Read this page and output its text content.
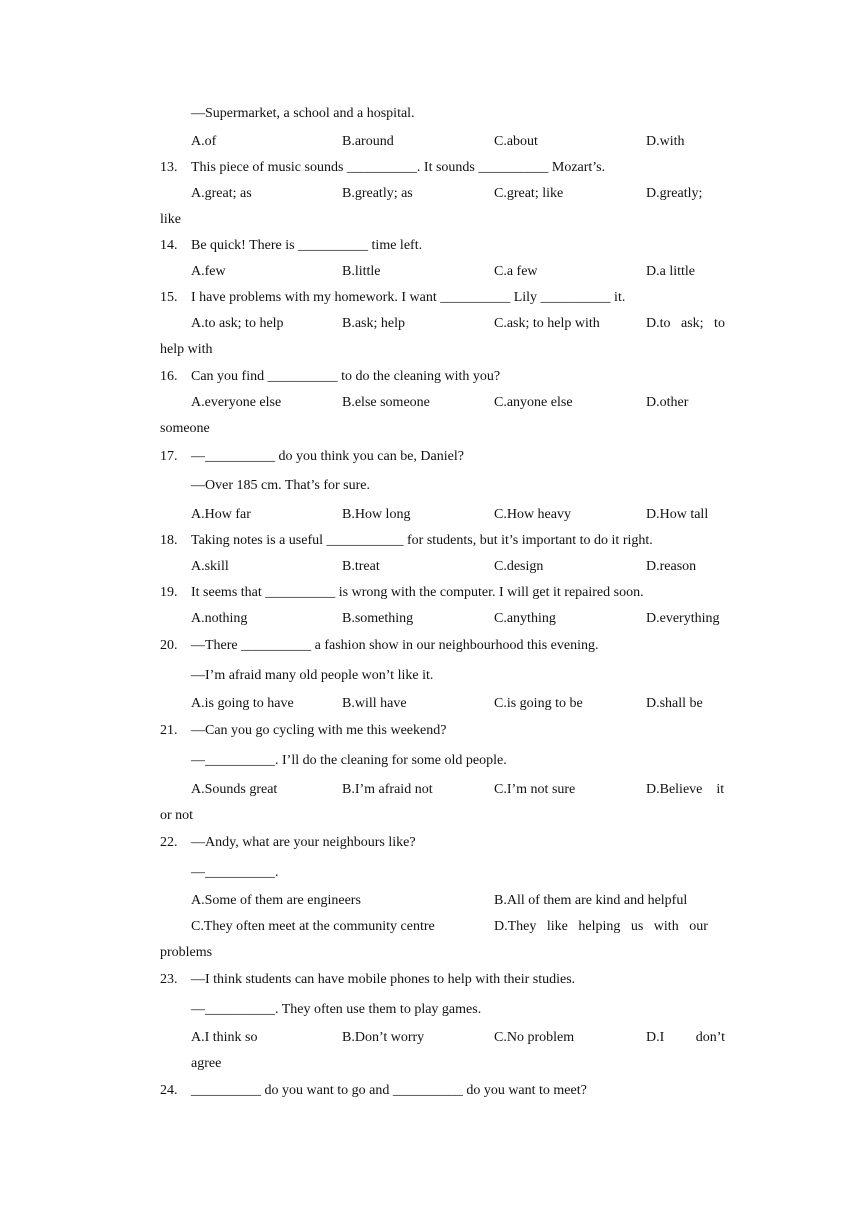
—Supermarket, a school and a hospital.
A.of	B.around	C.about	D.with
13. This piece of music sounds __________. It sounds __________ Mozart’s.
A.great; as	B.greatly; as	C.great; like	D.greatly;
like
14. Be quick! There is __________ time left.
A.few	B.little	C.a few	D.a little
15. I have problems with my homework. I want __________ Lily __________ it.
A.to ask; to help	B.ask; help	C.ask; to help with	D.to   ask;   to
help with
16. Can you find __________ to do the cleaning with you?
A.everyone else	B.else someone	C.anyone else	D.other
someone
17. —__________ do you think you can be, Daniel?
—Over 185 cm. That’s for sure.
A.How far	B.How long	C.How heavy	D.How tall
18. Taking notes is a useful ___________ for students, but it’s important to do it right.
A.skill	B.treat	C.design	D.reason
19. It seems that __________ is wrong with the computer. I will get it repaired soon.
A.nothing	B.something	C.anything	D.everything
20. —There __________ a fashion show in our neighbourhood this evening.
—I’m afraid many old people won’t like it.
A.is going to have	B.will have	C.is going to be	D.shall be
21. —Can you go cycling with me this weekend?
—__________. I’ll do the cleaning for some old people.
A.Sounds great	B.I’m afraid not	C.I’m not sure	D.Believe    it
or not
22. —Andy, what are your neighbours like?
—__________.
A.Some of them are engineers	B.All of them are kind and helpful
C.They often meet at the community centre	D.They   like   helping   us   with   our
problems
23. —I think students can have mobile phones to help with their studies.
—__________. They often use them to play games.
A.I think so	B.Don’t worry	C.No problem	D.I         don’t
agree
24. __________ do you want to go and __________ do you want to meet?
